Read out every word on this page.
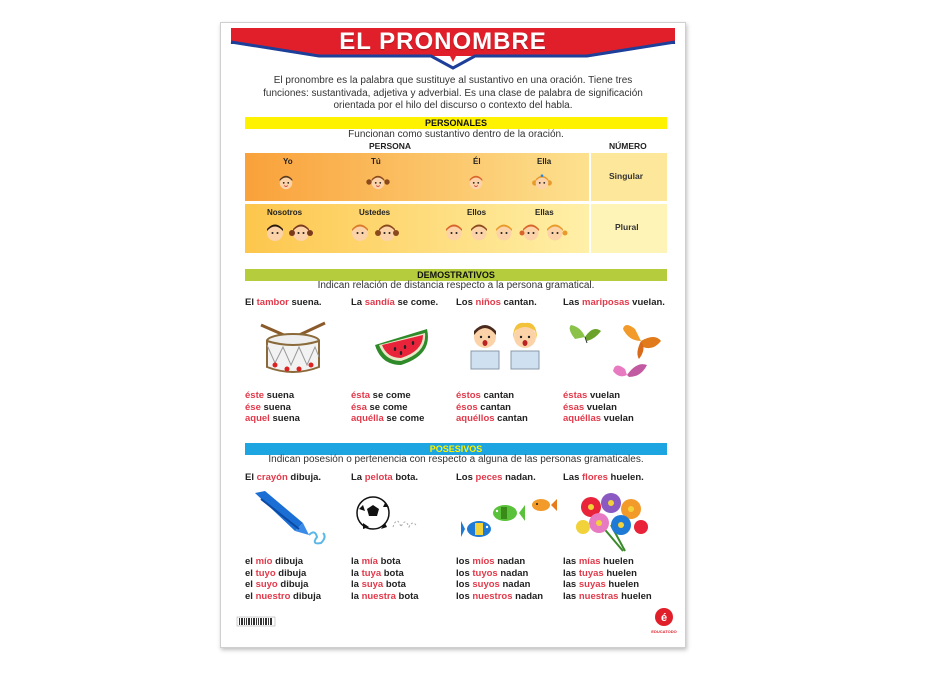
EL PRONOMBRE
El pronombre es la palabra que sustituye al sustantivo en una oración. Tiene tres funciones: sustantivada, adjetiva y adverbial. Es una clase de palabra de significación orientada por el hilo del discurso o contexto del habla.
PERSONALES
Funcionan como sustantivo dentro de la oración.
PERSONA	NÚMERO
Yo	Tú	Él	Ella
Singular
Nosotros	Ustedes	Ellos	Ellas
Plural
DEMOSTRATIVOS
Indican relación de distancia respecto a la persona gramatical.
POSESIVOS
Indican posesión o pertenencia con respecto a alguna de las personas gramaticales.
é
EDUCATODO
El tambor suena.
éste suena
ése suena
aquel suena
La sandía se come.
ésta se come
ésa se come
aquélla se come
Los niños cantan.
éstos cantan
ésos cantan
aquéllos cantan
Las mariposas vuelan.
éstas vuelan
ésas vuelan
aquéllas vuelan
El crayón dibuja.
el mío dibuja
el tuyo dibuja
el suyo dibuja
el nuestro dibuja
La pelota bota.
la mía bota
la tuya bota
la suya bota
la nuestra bota
Los peces nadan.
los míos nadan
los tuyos nadan
los suyos nadan
los nuestros nadan
Las flores huelen.
las mías huelen
las tuyas huelen
las suyas huelen
las nuestras huelen
